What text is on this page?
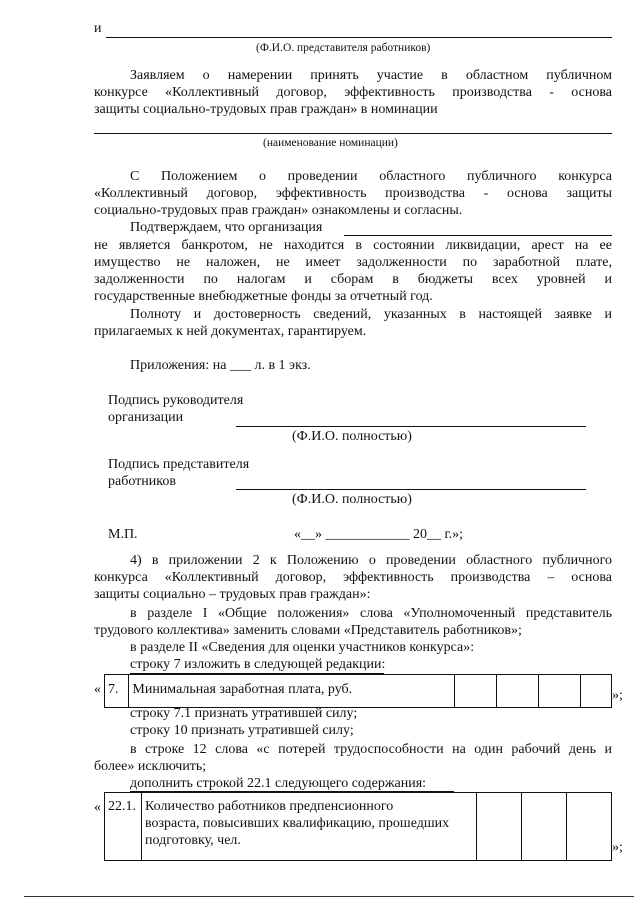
и
(Ф.И.О. представителя работников)
Заявляем о намерении принять участие в областном публичном
конкурсе «Коллективный договор, эффективность производства - основа
защиты социально-трудовых прав граждан» в номинации
(наименование номинации)
С Положением о проведении областного публичного конкурса
«Коллективный договор, эффективность производства - основа защиты
социально-трудовых прав граждан» ознакомлены и согласны.
Подтверждаем, что организация
не является банкротом, не находится в состоянии ликвидации, арест на ее
имущество не наложен, не имеет задолженности по заработной плате,
задолженности по налогам и сборам в бюджеты всех уровней и
государственные внебюджетные фонды за отчетный год.
Полноту и достоверность сведений, указанных в настоящей заявке и
прилагаемых к ней документах, гарантируем.
Приложения: на ___ л. в 1 экз.
Подпись руководителя
организации
(Ф.И.О. полностью)
Подпись представителя
работников
(Ф.И.О. полностью)
М.П.	«__» ____________ 20__ г.»;
4) в приложении 2 к Положению о проведении областного публичного
конкурса «Коллективный договор, эффективность производства – основа
защиты социально – трудовых прав граждан»:
в разделе I «Общие положения» слова «Уполномоченный представитель
трудового коллектива» заменить словами «Представитель работников»;
в разделе II «Сведения для оценки участников конкурса»:
строку 7 изложить в следующей редакции:
« 7.	Минимальная заработная плата, руб.					»;
строку 7.1 признать утратившей силу;
строку 10 признать утратившей силу;
в строке 12 слова «с потерей трудоспособности на один рабочий день и
более» исключить;
дополнить строкой 22.1 следующего содержания:
« 22.1.	Количество работников предпенсионного
возраста, повысивших квалификацию, прошедших
подготовку, чел.
				»;
